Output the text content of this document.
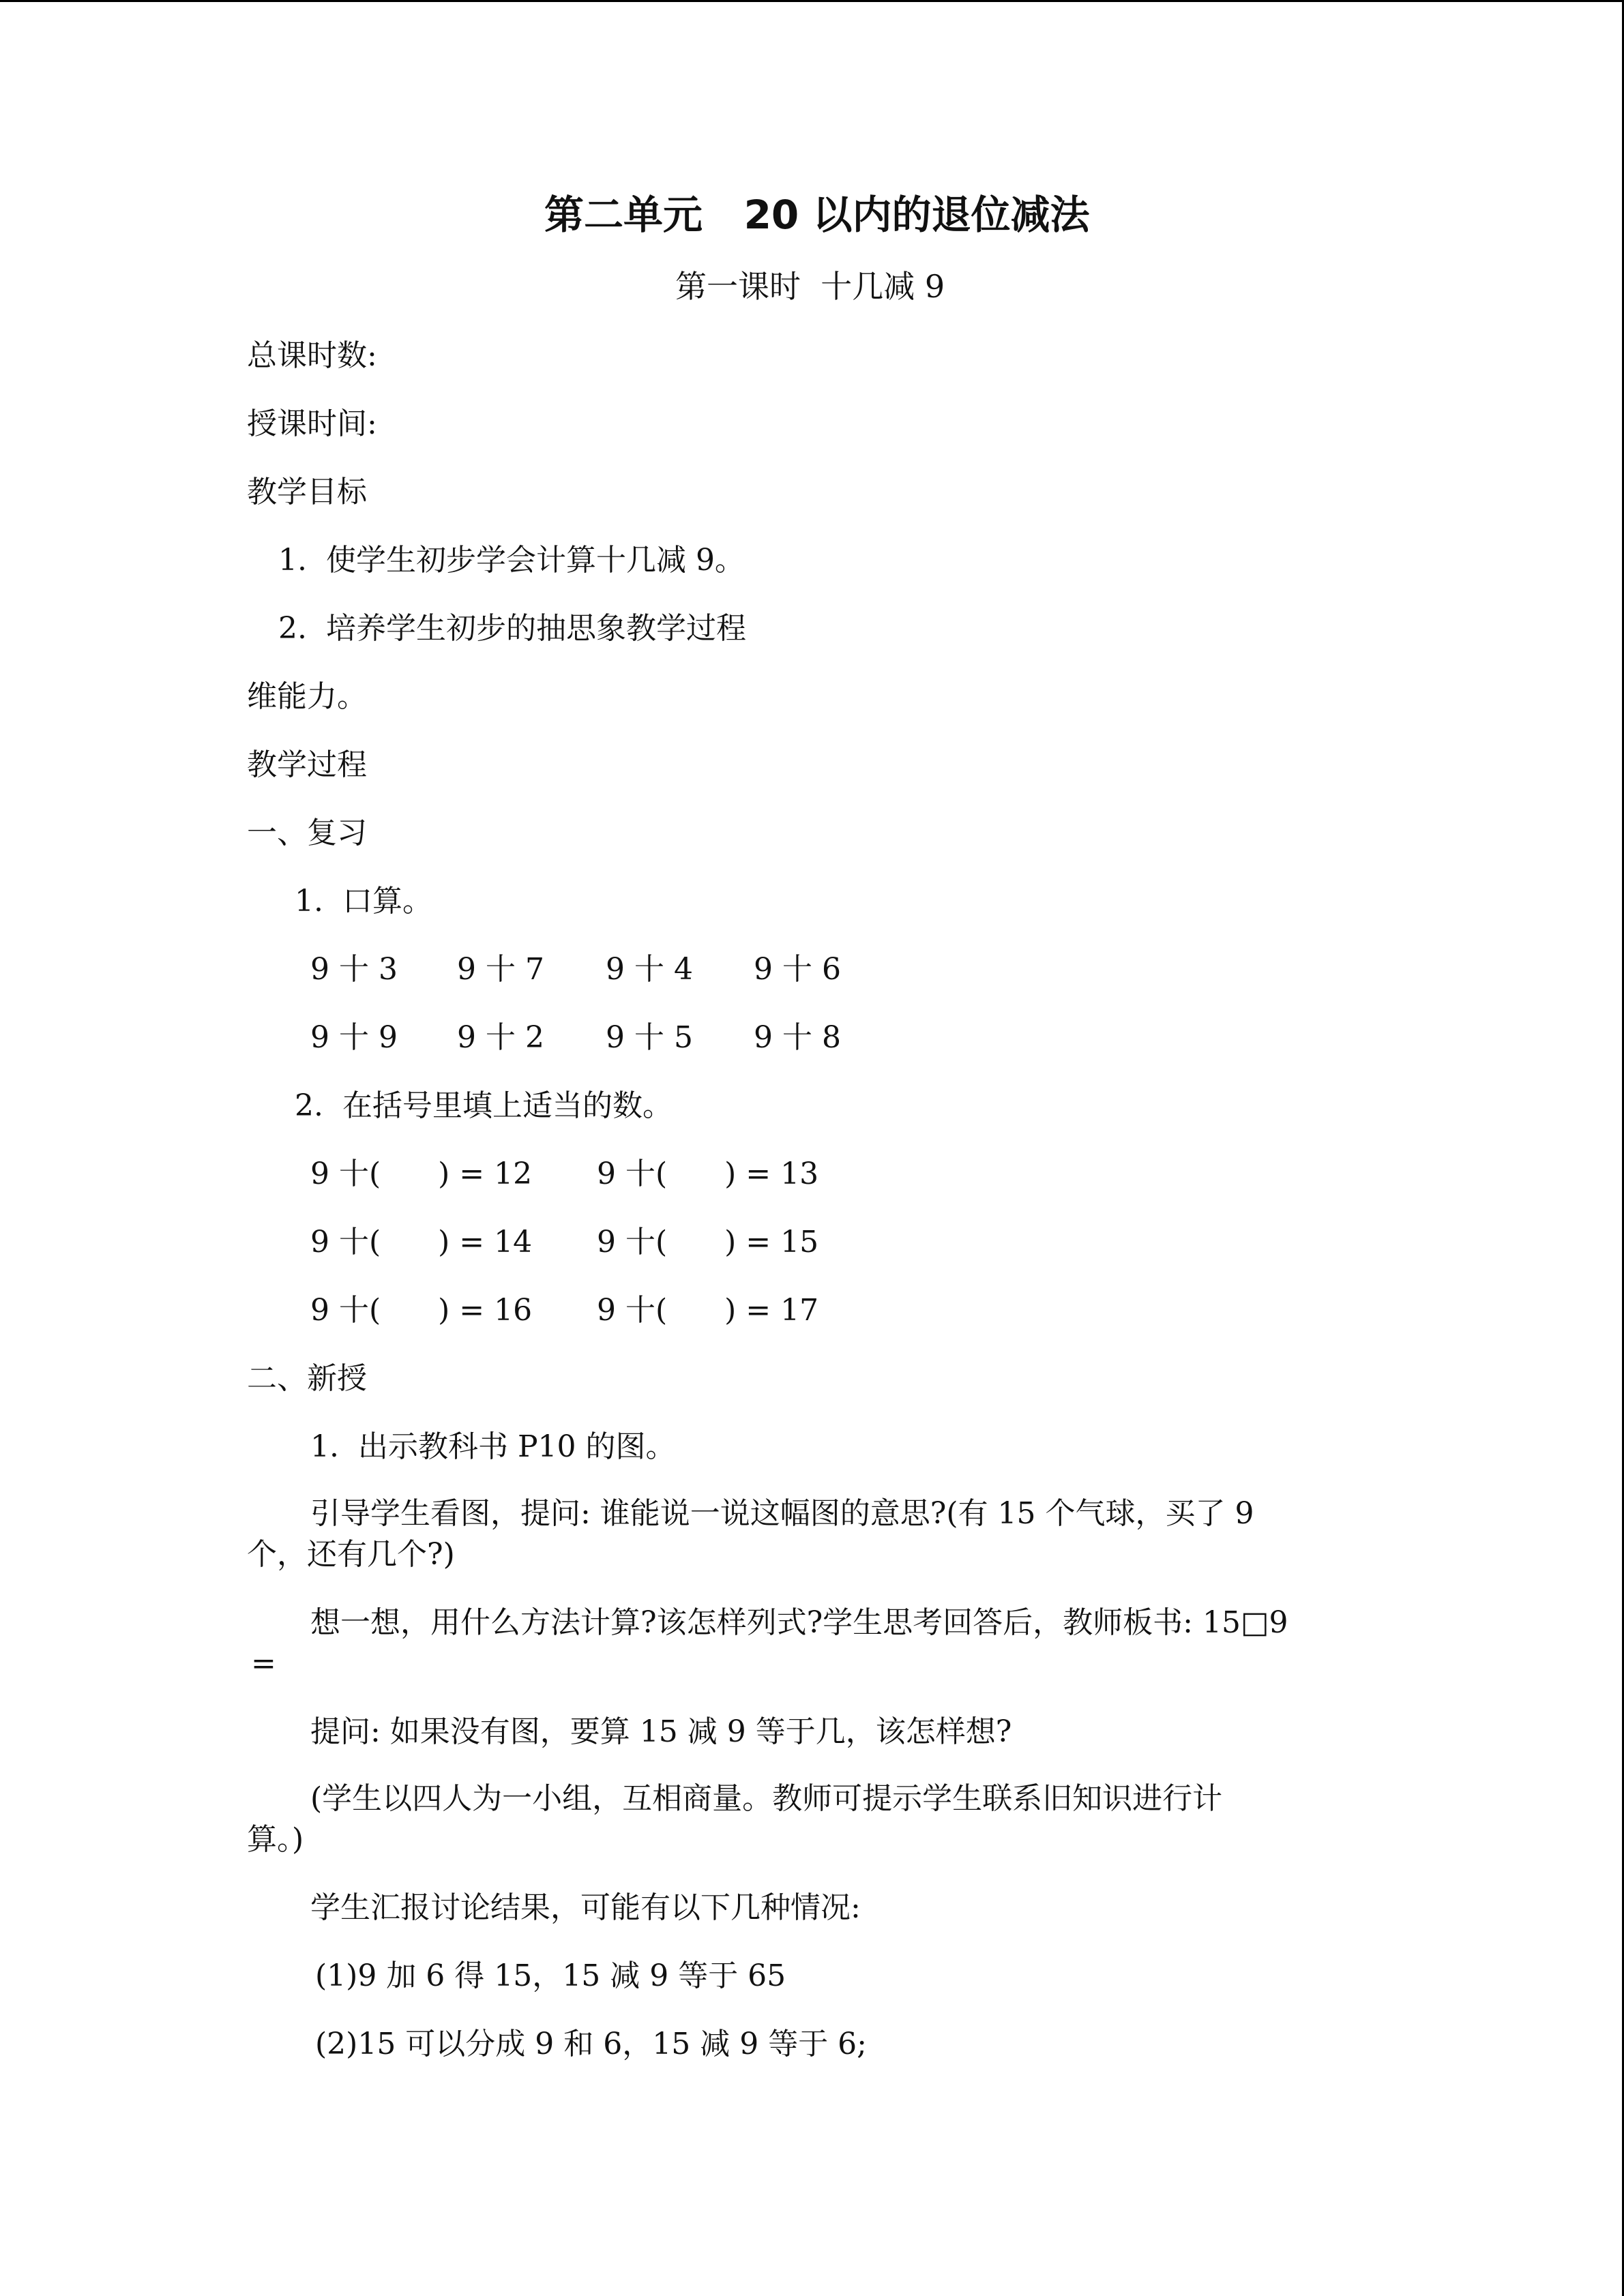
第二单元   20 以内的退位减法
第一课时  十几减 9
总课时数:
授课时间:
教学目标
1.  使学生初步学会计算十几减 9。
2.  培养学生初步的抽思象教学过程
维能力。
教学过程
一、复习
1.  口算。
9 十 3 9 十 7 9 十 4 9 十 6
9 十 9 9 十 2 9 十 5 9 十 8
2.  在括号里填上适当的数。
9 十(      ) = 12 9 十(      ) = 13
9 十(      ) = 14 9 十(      ) = 15
9 十(      ) = 16 9 十(      ) = 17
二、新授
1.  出示教科书 P10 的图。
引导学生看图，提问: 谁能说一说这幅图的意思?(有 15 个气球，买了 9
个，还有几个?)
想一想，用什么方法计算?该怎样列式?学生思考回答后，教师板书: 15□9
=
提问: 如果没有图，要算 15 减 9 等于几，该怎样想?
(学生以四人为一小组，互相商量。教师可提示学生联系旧知识进行计
算。)
学生汇报讨论结果，可能有以下几种情况:
(1)9 加 6 得 15，15 减 9 等于 65
(2)15 可以分成 9 和 6，15 减 9 等于 6;
